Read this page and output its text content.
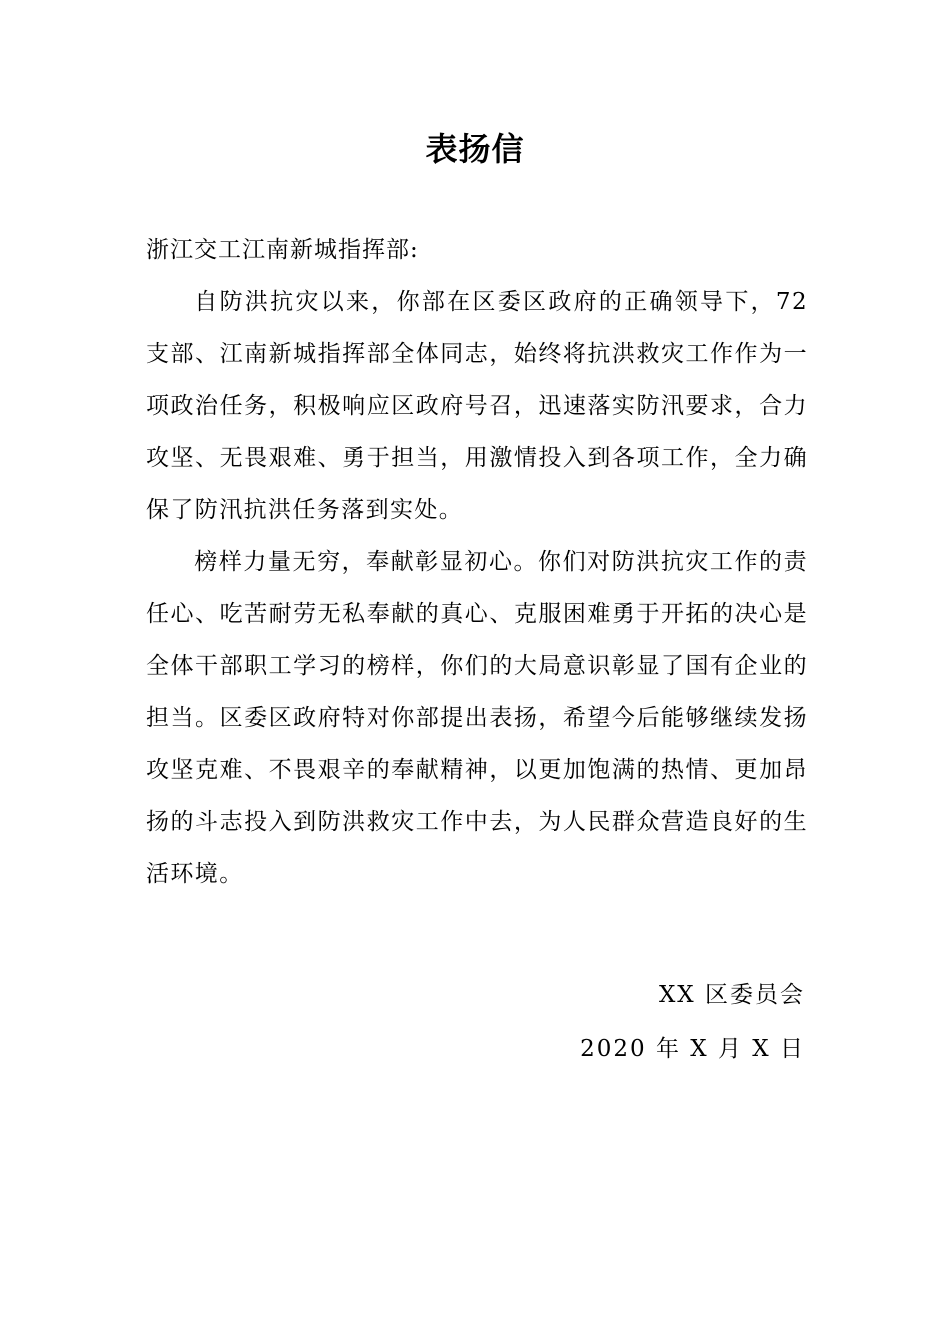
表扬信

浙江交工江南新城指挥部:

自防洪抗灾以来，你部在区委区政府的正确领导下，72支部、江南新城指挥部全体同志，始终将抗洪救灾工作作为一项政治任务，积极响应区政府号召，迅速落实防汛要求，合力攻坚、无畏艰难、勇于担当，用激情投入到各项工作，全力确保了防汛抗洪任务落到实处。

榜样力量无穷，奉献彰显初心。你们对防洪抗灾工作的责任心、吃苦耐劳无私奉献的真心、克服困难勇于开拓的决心是全体干部职工学习的榜样，你们的大局意识彰显了国有企业的担当。区委区政府特对你部提出表扬，希望今后能够继续发扬攻坚克难、不畏艰辛的奉献精神，以更加饱满的热情、更加昂扬的斗志投入到防洪救灾工作中去，为人民群众营造良好的生活环境。

XX 区委员会

2020 年 X 月 X 日
